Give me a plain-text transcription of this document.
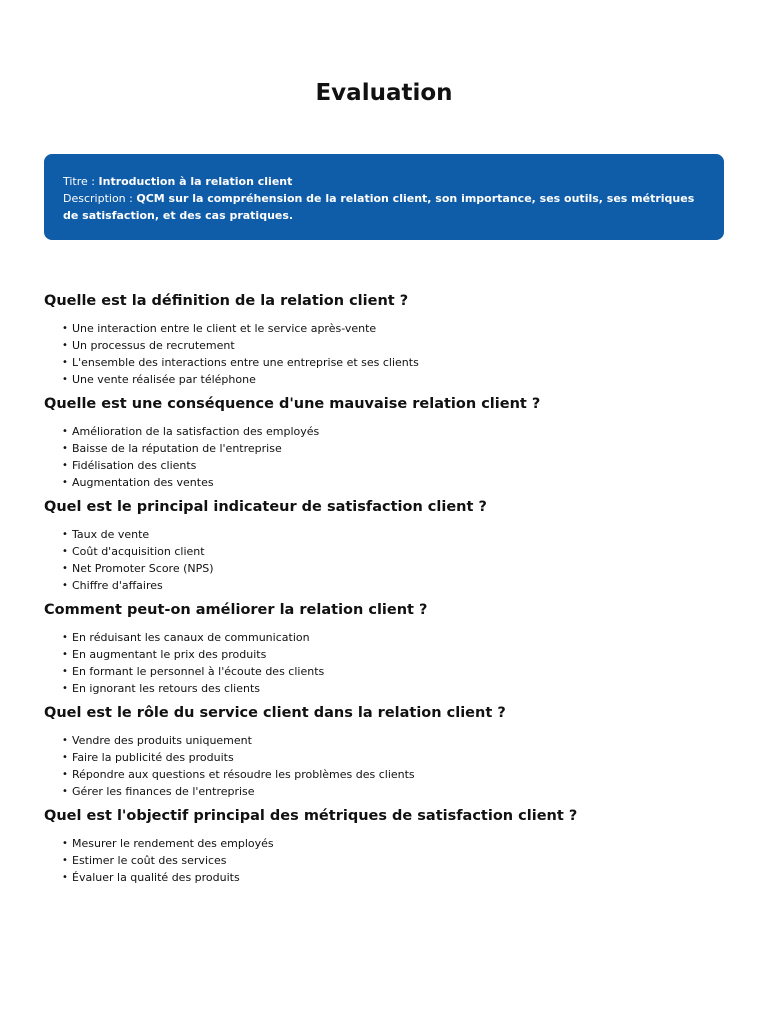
Evaluation
Titre : Introduction à la relation client
Description : QCM sur la compréhension de la relation client, son importance, ses outils, ses métriques de satisfaction, et des cas pratiques.
Quelle est la définition de la relation client ?
• Une interaction entre le client et le service après-vente
• Un processus de recrutement
• L'ensemble des interactions entre une entreprise et ses clients
• Une vente réalisée par téléphone
Quelle est une conséquence d'une mauvaise relation client ?
• Amélioration de la satisfaction des employés
• Baisse de la réputation de l'entreprise
• Fidélisation des clients
• Augmentation des ventes
Quel est le principal indicateur de satisfaction client ?
• Taux de vente
• Coût d'acquisition client
• Net Promoter Score (NPS)
• Chiffre d'affaires
Comment peut-on améliorer la relation client ?
• En réduisant les canaux de communication
• En augmentant le prix des produits
• En formant le personnel à l'écoute des clients
• En ignorant les retours des clients
Quel est le rôle du service client dans la relation client ?
• Vendre des produits uniquement
• Faire la publicité des produits
• Répondre aux questions et résoudre les problèmes des clients
• Gérer les finances de l'entreprise
Quel est l'objectif principal des métriques de satisfaction client ?
• Mesurer le rendement des employés
• Estimer le coût des services
• Évaluer la qualité des produits
